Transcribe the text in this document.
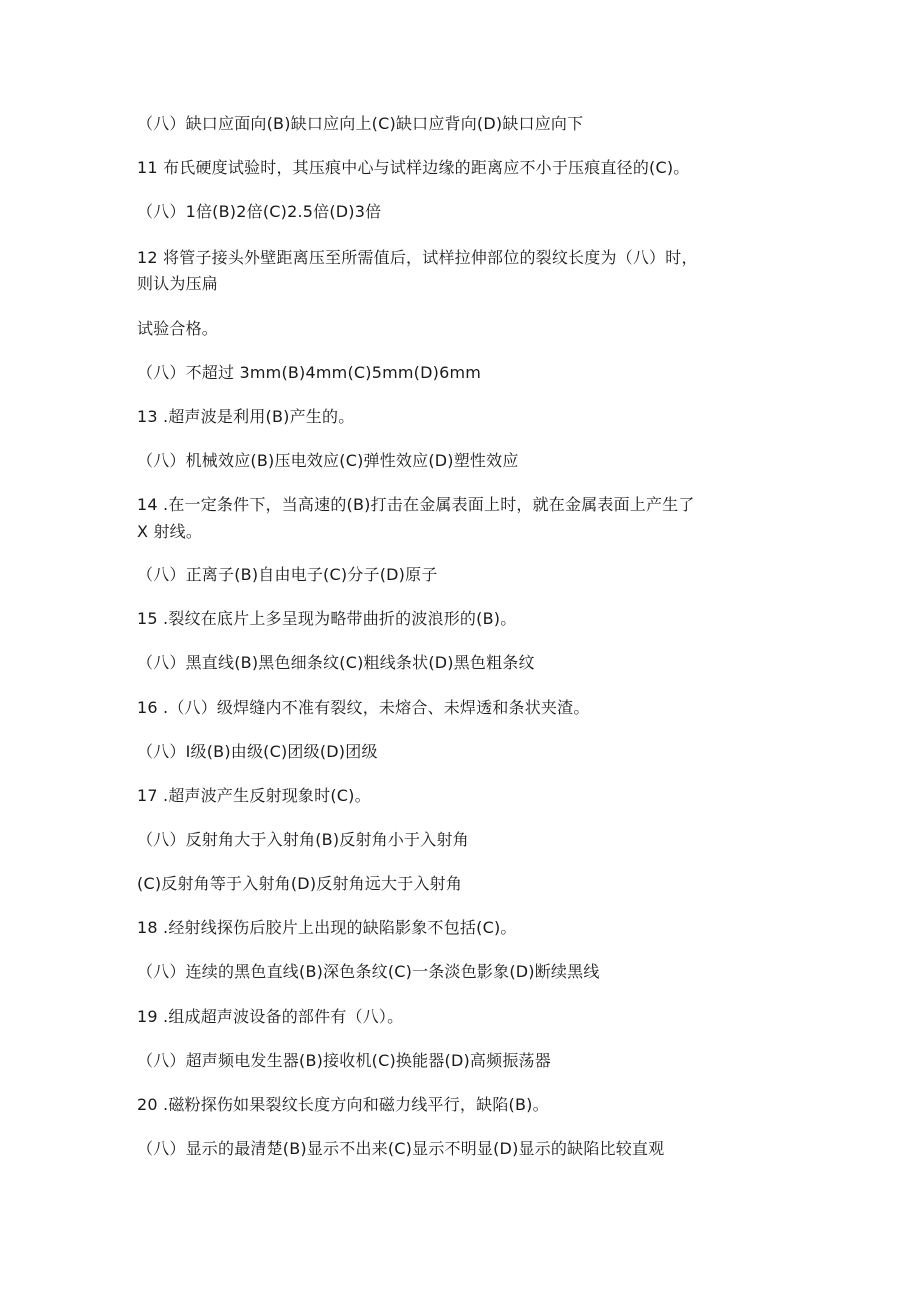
（八）缺口应面向(B)缺口应向上(C)缺口应背向(D)缺口应向下
11 布氏硬度试验时，其压痕中心与试样边缘的距离应不小于压痕直径的(C)。
（八）1倍(B)2倍(C)2.5倍(D)3倍
12 将管子接头外壁距离压至所需值后，试样拉伸部位的裂纹长度为（八）时，
则认为压扁
试验合格。
（八）不超过 3mm(B)4mm(C)5mm(D)6mm
13 .超声波是利用(B)产生的。
（八）机械效应(B)压电效应(C)弹性效应(D)塑性效应
14 .在一定条件下，当高速的(B)打击在金属表面上时，就在金属表面上产生了
X 射线。
（八）正离子(B)自由电子(C)分子(D)原子
15 .裂纹在底片上多呈现为略带曲折的波浪形的(B)。
（八）黑直线(B)黑色细条纹(C)粗线条状(D)黑色粗条纹
16 .（八）级焊缝内不准有裂纹，未熔合、未焊透和条状夹渣。
（八）I级(B)由级(C)团级(D)团级
17 .超声波产生反射现象时(C)。
（八）反射角大于入射角(B)反射角小于入射角
(C)反射角等于入射角(D)反射角远大于入射角
18 .经射线探伤后胶片上出现的缺陷影象不包括(C)。
（八）连续的黑色直线(B)深色条纹(C)一条淡色影象(D)断续黑线
19 .组成超声波设备的部件有（八）。
（八）超声频电发生器(B)接收机(C)换能器(D)高频振荡器
20 .磁粉探伤如果裂纹长度方向和磁力线平行，缺陷(B)。
（八）显示的最清楚(B)显示不出来(C)显示不明显(D)显示的缺陷比较直观
